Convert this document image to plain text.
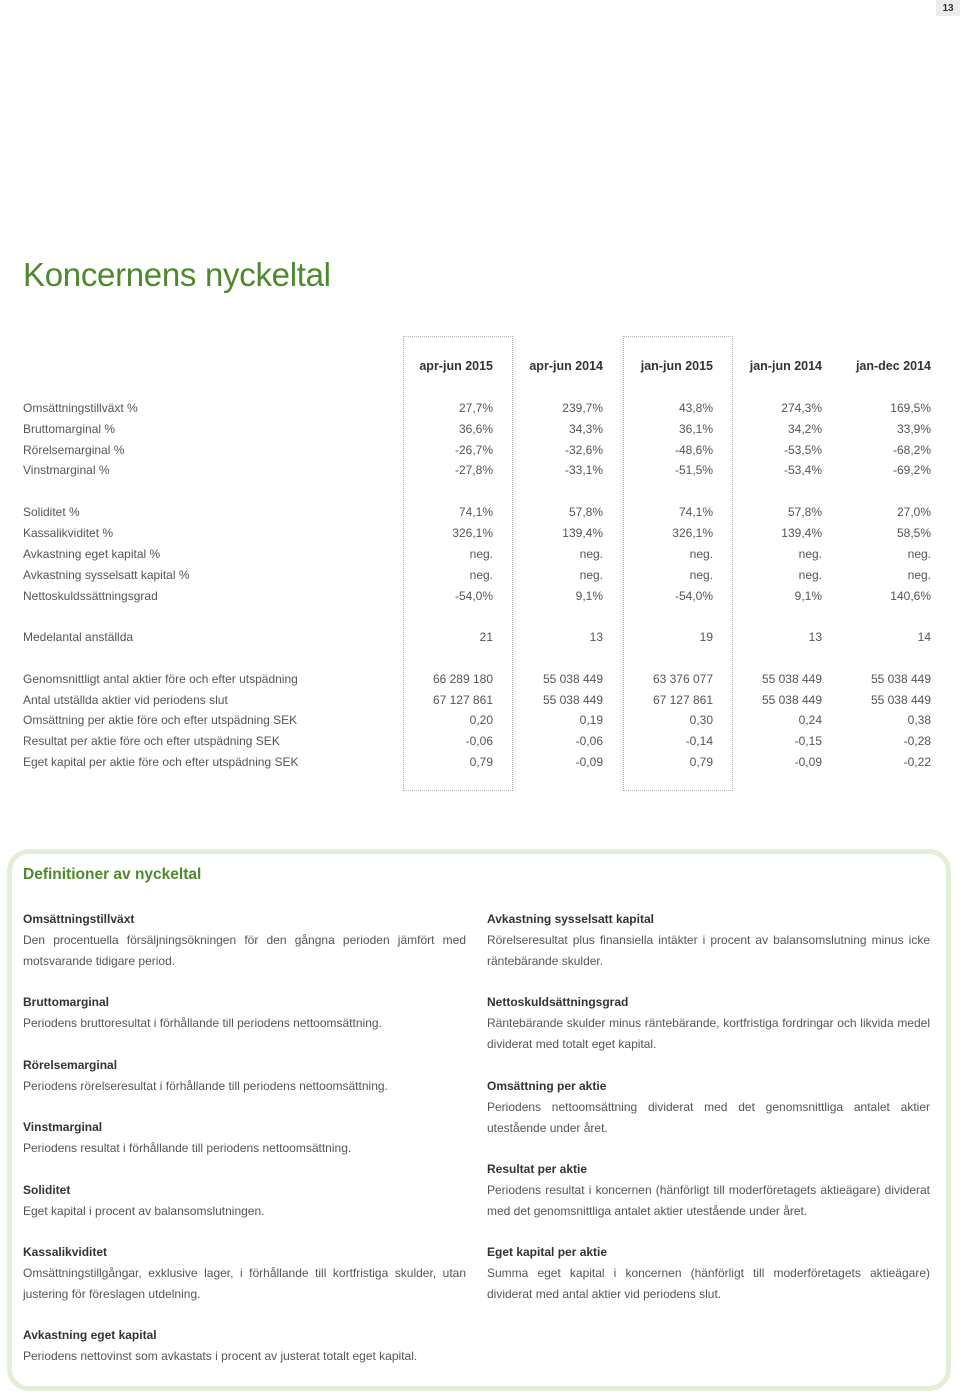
13
Koncernens nyckeltal
apr-jun 2015	apr-jun 2014	jan-jun 2015	jan-jun 2014	jan-dec 2014
Omsättningstillväxt %	27,7%	239,7%	43,8%	274,3%	169,5%
Bruttomarginal %	36,6%	34,3%	36,1%	34,2%	33,9%
Rörelsemarginal %	-26,7%	-32,6%	-48,6%	-53,5%	-68,2%
Vinstmarginal %	-27,8%	-33,1%	-51,5%	-53,4%	-69,2%
Soliditet %	74,1%	57,8%	74,1%	57,8%	27,0%
Kassalikviditet %	326,1%	139,4%	326,1%	139,4%	58,5%
Avkastning eget kapital %	neg.	neg.	neg.	neg.	neg.
Avkastning sysselsatt kapital %	neg.	neg.	neg.	neg.	neg.
Nettoskuldssättningsgrad	-54,0%	9,1%	-54,0%	9,1%	140,6%
Medelantal anställda	21	13	19	13	14
Genomsnittligt antal aktier före och efter utspädning	66 289 180	55 038 449	63 376 077	55 038 449	55 038 449
Antal utställda aktier vid periodens slut	67 127 861	55 038 449	67 127 861	55 038 449	55 038 449
Omsättning per aktie före och efter utspädning SEK	0,20	0,19	0,30	0,24	0,38
Resultat per aktie före och efter utspädning SEK	-0,06	-0,06	-0,14	-0,15	-0,28
Eget kapital per aktie före och efter utspädning SEK	0,79	-0,09	0,79	-0,09	-0,22
Definitioner av nyckeltal

Omsättningstillväxt

Den procentuella försäljningsökningen för den gångna perioden jämfört med motsvarande tidigare period.

Bruttomarginal

Periodens bruttoresultat i förhållande till periodens nettoomsättning.

Rörelsemarginal

Periodens rörelseresultat i förhållande till periodens nettoomsättning.

Vinstmarginal

Periodens resultat i förhållande till periodens nettoomsättning.

Soliditet

Eget kapital i procent av balansomslutningen.

Kassalikviditet

Omsättningstillgångar, exklusive lager, i förhållande till kortfristiga skulder, utan justering för föreslagen utdelning.

Avkastning eget kapital

Periodens nettovinst som avkastats i procent av justerat totalt eget kapital.

Avkastning sysselsatt kapital

Rörelseresultat plus finansiella intäkter i procent av balansomslutning minus icke räntebärande skulder.

Nettoskuldsättningsgrad

Räntebärande skulder minus räntebärande, kortfristiga fordringar och likvida medel dividerat med totalt eget kapital.

Omsättning per aktie

Periodens nettoomsättning dividerat med det genomsnittliga antalet aktier utestående under året.

Resultat per aktie

Periodens resultat i koncernen (hänförligt till moderföretagets aktieägare) dividerat med det genomsnittliga antalet aktier utestående under året.

Eget kapital per aktie

Summa eget kapital i koncernen (hänförligt till moderföretagets aktieägare) dividerat med antal aktier vid periodens slut.
